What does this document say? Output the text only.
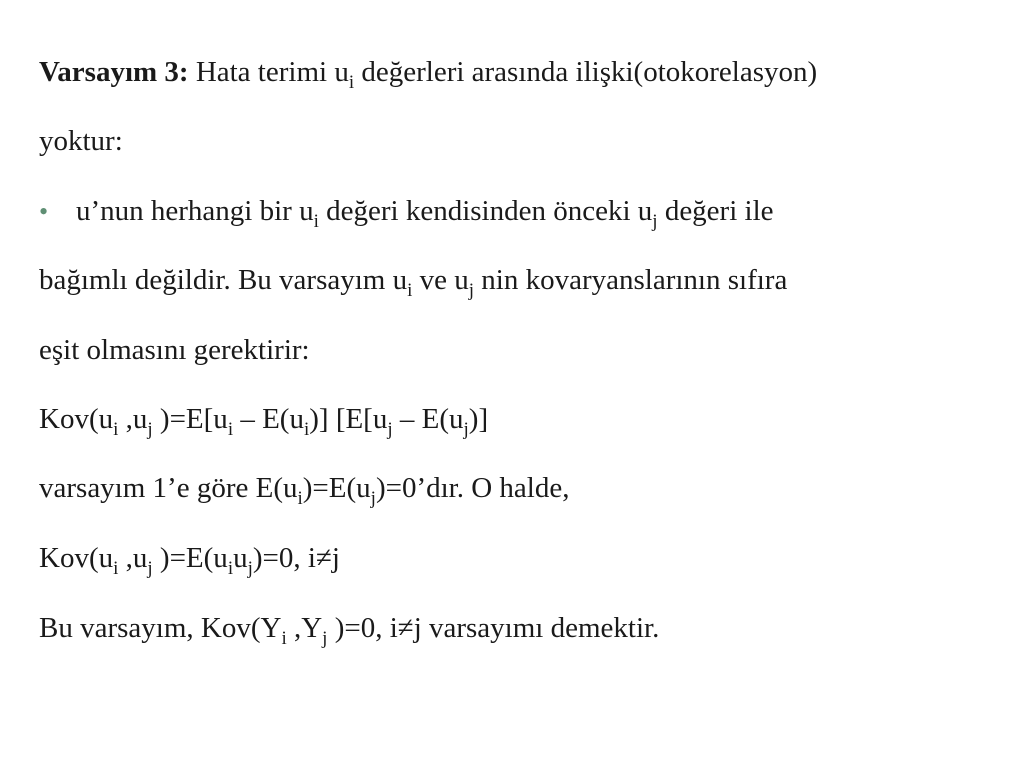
Varsayım 3: Hata terimi $u_i$ değerleri arasında ilişki(otokorelasyon)
yoktur:
• u’nun herhangi bir $u_i$ değeri kendisinden önceki $u_j$ değeri ile
bağımlı değildir. Bu varsayım $u_i$ ve $u_j$ nin kovaryanslarının sıfıra
eşit olmasını gerektirir:
$Kov(u_i$ $,u_j$ )$=E[u_i - E(u_i)]$ [$E[u_j - E(u_j)]$
varsayım 1’e göre $E(u_i)=E(u_j)=0’dır$. O halde,
$Kov(u_i$ $,u_j$ )$=E(u_iu_j)=0$, i≠j
Bu varsayım, $Kov(Y_i$ $,Y_j$ )=0, i≠j varsayımı demektir.
